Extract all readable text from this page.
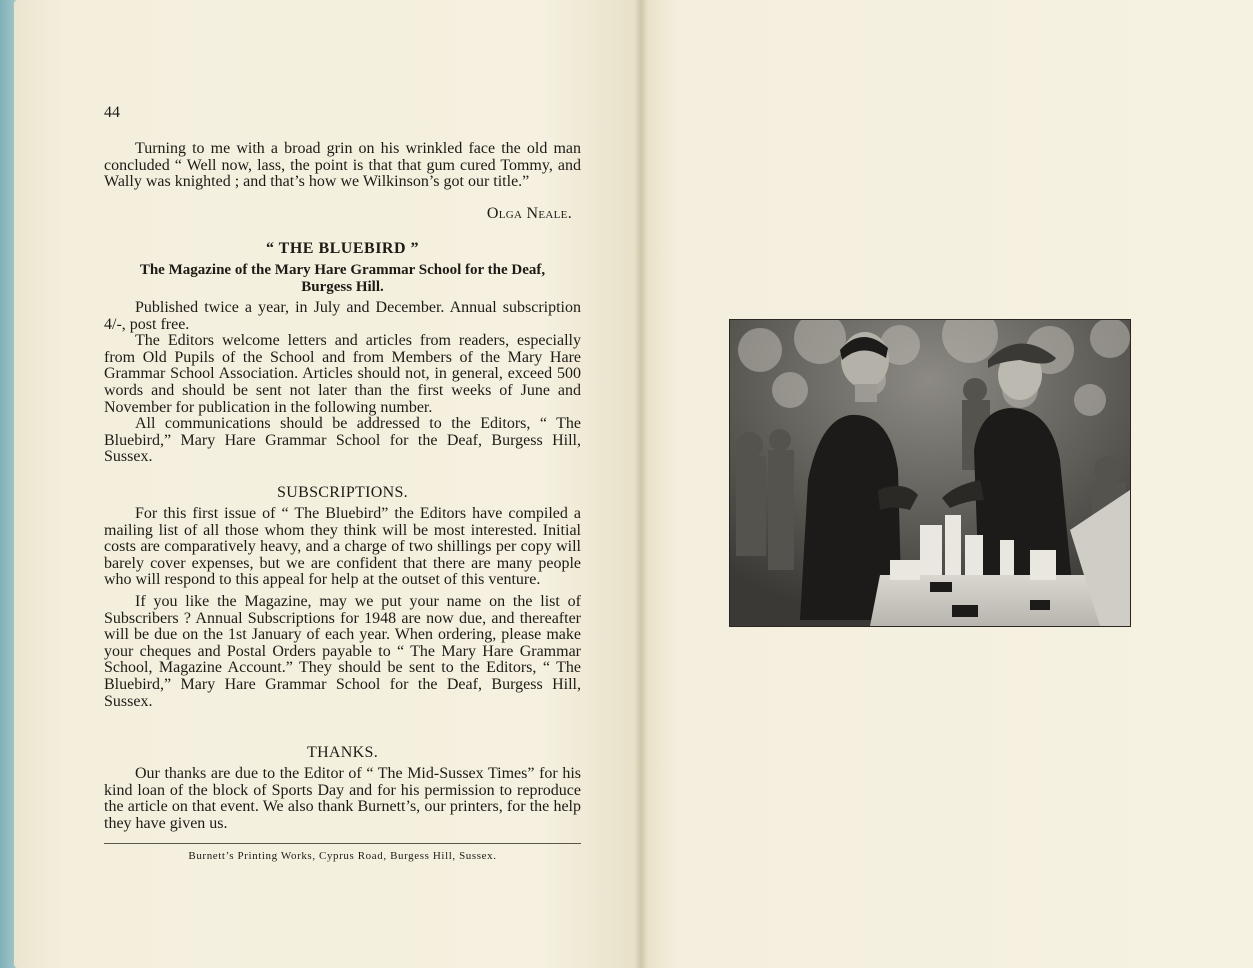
44

Turning to me with a broad grin on his wrinkled face the old man concluded “ Well now, lass, the point is that that gum cured Tommy, and Wally was knighted ; and that’s how we Wilkinson’s got our title.”

Olga Neale.
“ THE BLUEBIRD ”
The Magazine of the Mary Hare Grammar School for the Deaf,
Burgess Hill.

Published twice a year, in July and December. Annual subscription 4/-, post free.

The Editors welcome letters and articles from readers, especially from Old Pupils of the School and from Members of the Mary Hare Grammar School Association. Articles should not, in general, exceed 500 words and should be sent not later than the first weeks of June and November for publication in the following number.

All communications should be addressed to the Editors, “ The Bluebird,” Mary Hare Grammar School for the Deaf, Burgess Hill, Sussex.

SUBSCRIPTIONS.

For this first issue of “ The Bluebird” the Editors have compiled a mailing list of all those whom they think will be most interested. Initial costs are comparatively heavy, and a charge of two shillings per copy will barely cover expenses, but we are confident that there are many people who will respond to this appeal for help at the outset of this venture.

If you like the Magazine, may we put your name on the list of Subscribers ? Annual Subscriptions for 1948 are now due, and thereafter will be due on the 1st January of each year. When ordering, please make your cheques and Postal Orders payable to “ The Mary Hare Grammar School, Magazine Account.” They should be sent to the Editors, “ The Bluebird,” Mary Hare Grammar School for the Deaf, Burgess Hill, Sussex.

THANKS.

Our thanks are due to the Editor of “ The Mid-Sussex Times” for his kind loan of the block of Sports Day and for his permission to reproduce the article on that event. We also thank Burnett’s, our printers, for the help they have given us.

Burnett’s Printing Works, Cyprus Road, Burgess Hill, Sussex.
